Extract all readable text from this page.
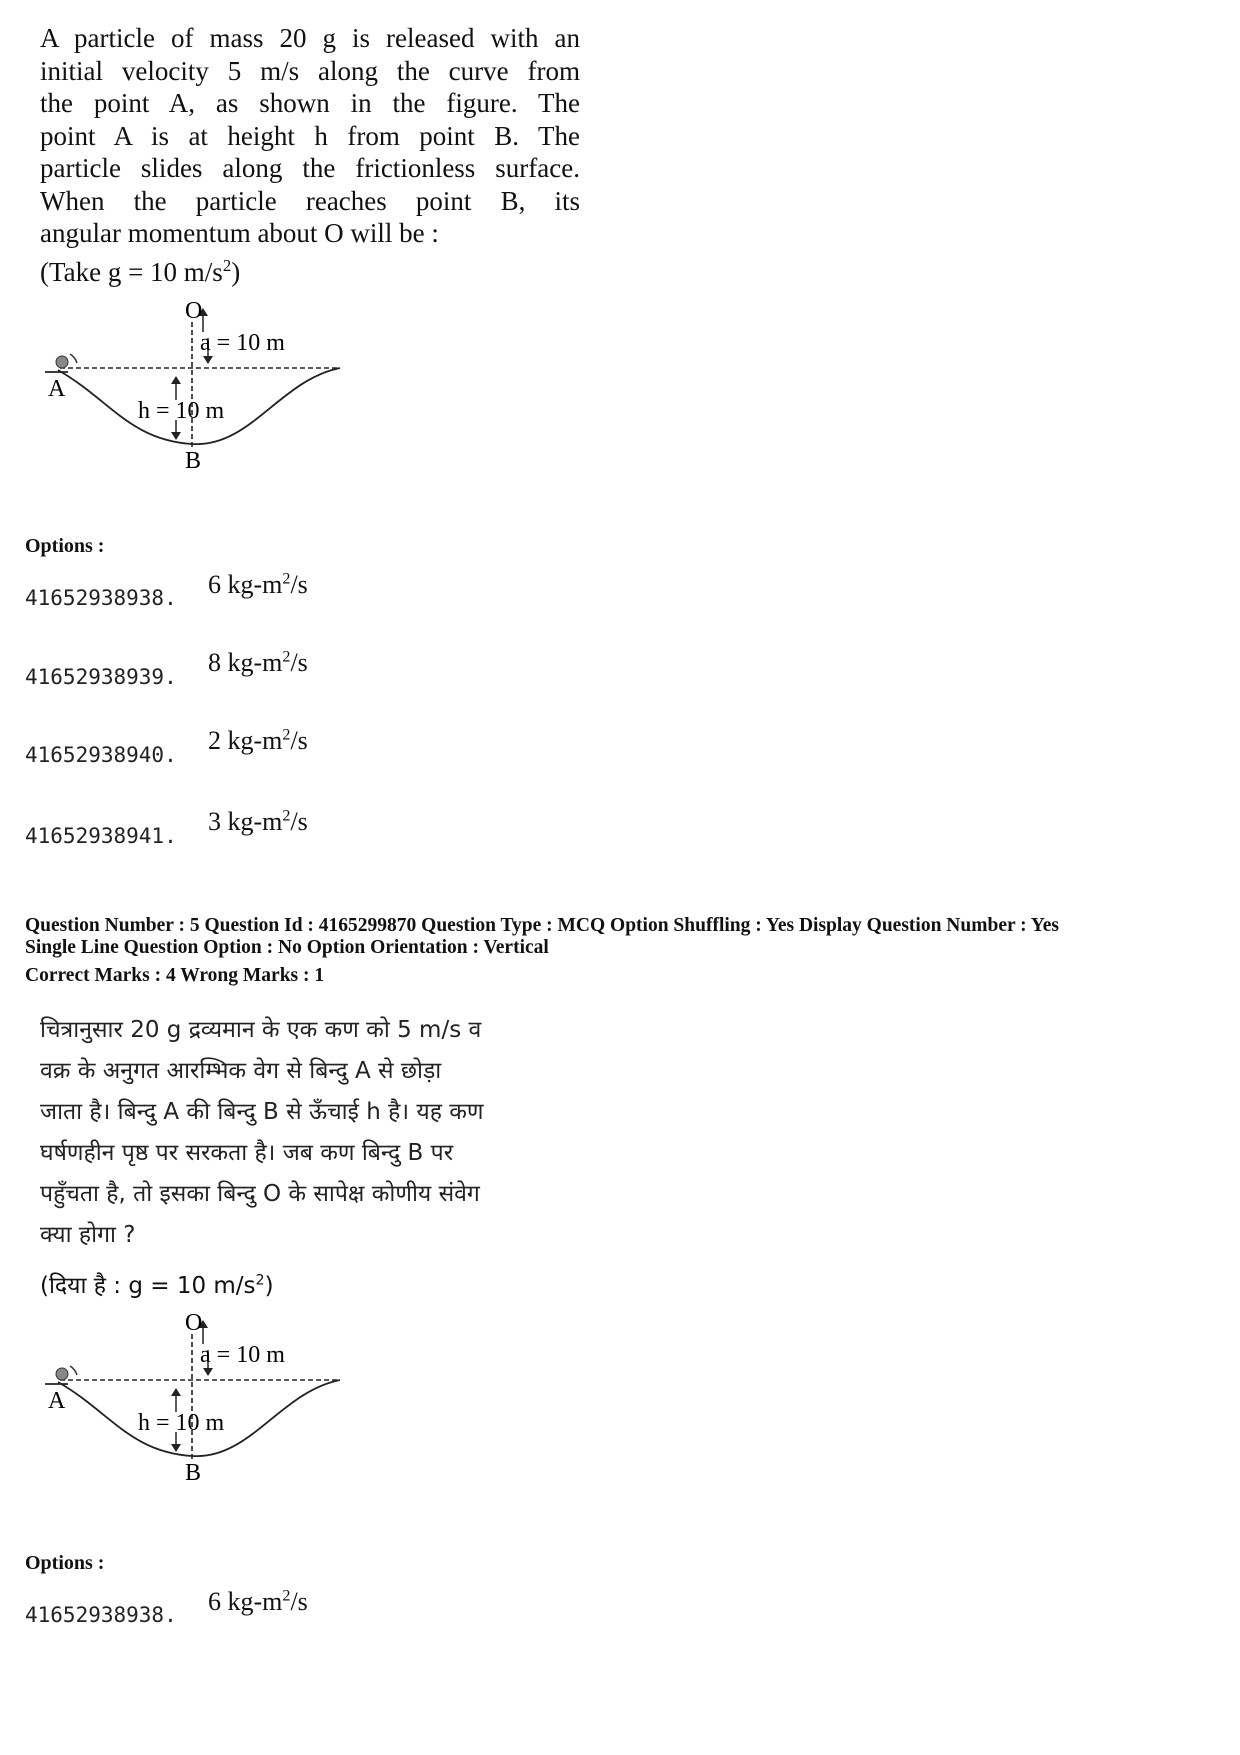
A particle of mass 20 g is released with an
initial velocity 5 m/s along the curve from
the point A, as shown in the figure. The
point A is at height h from point B. The
particle slides along the frictionless surface.
When the particle reaches point B, its
angular momentum about O will be :
(Take g = 10 $m/s^2$)
O
a = 10 m
A
h = 10 m
B
Options :
41652938938. 6 $kg-m^2/s$
41652938939. 8 $kg-m^2/s$
41652938940. 2 $kg-m^2/s$
41652938941. 3 $kg-m^2/s$
Question Number : 5 Question Id : 4165299870 Question Type : MCQ Option Shuffling : Yes Display Question Number : Yes
Single Line Question Option : No Option Orientation : Vertical
Correct Marks : 4 Wrong Marks : 1
चित्रानुसार 20 g द्रव्यमान के एक कण को 5 m/s व
वक्र के अनुगत आरम्भिक वेग से बिन्दु A से छोड़ा
जाता है। बिन्दु A की बिन्दु B से ऊँचाई h है। यह कण
घर्षणहीन पृष्ठ पर सरकता है। जब कण बिन्दु B पर
पहुँचता है, तो इसका बिन्दु O के सापेक्ष कोणीय संवेग
क्या होगा ?
(दिया है : g = 10 $m/s^2$)
O
a = 10 m
A
h = 10 m
B
Options :
41652938938. 6 $kg-m^2/s$
